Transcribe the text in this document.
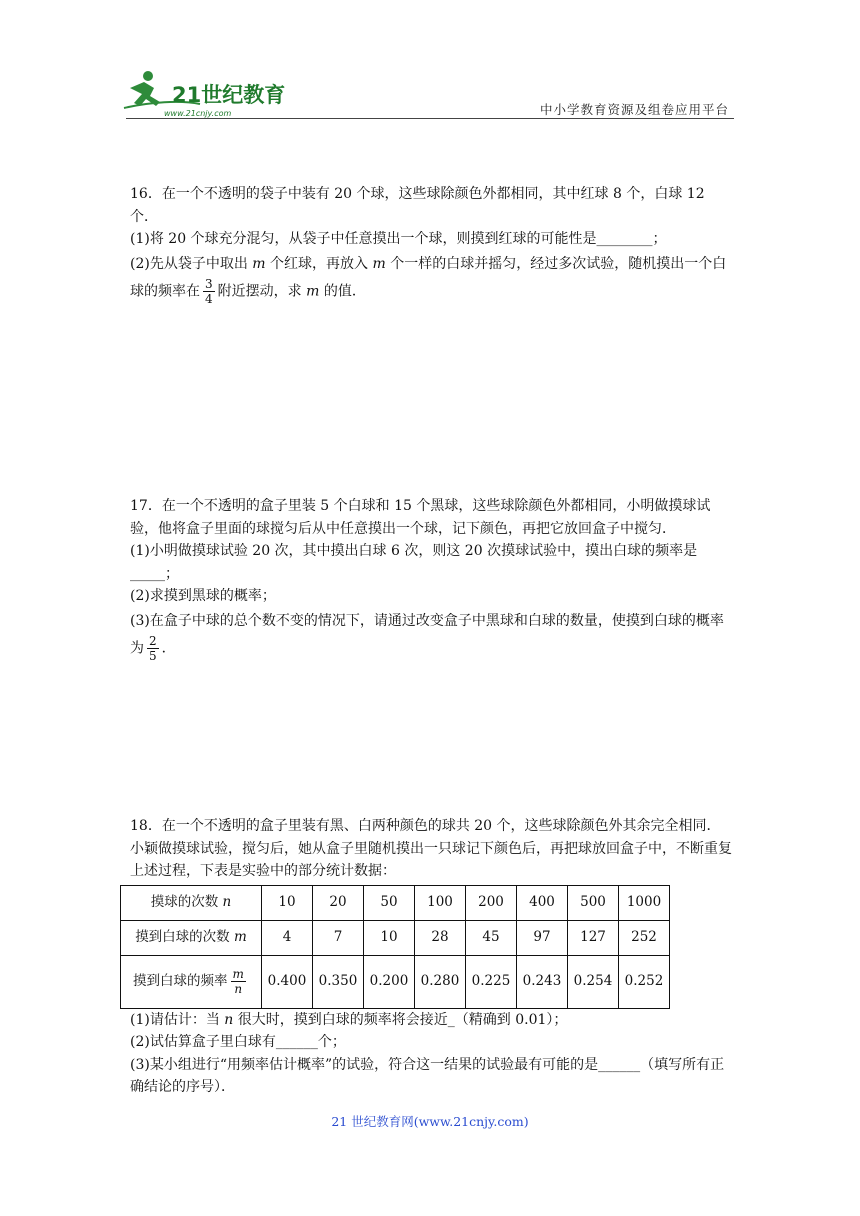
21世纪教育
www.21cnjy.com	中小学教育资源及组卷应用平台

16．在一个不透明的袋子中装有 20 个球，这些球除颜色外都相同，其中红球 8 个，白球 12 个．

(1)将 20 个球充分混匀，从袋子中任意摸出一个球，则摸到红球的可能性是________；

(2)先从袋子中取出 m 个红球，再放入 m 个一样的白球并摇匀，经过多次试验，随机摸出一个白球的频率在 $\frac{3}{4}$ 附近摆动，求 m 的值．

17．在一个不透明的盒子里装 5 个白球和 15 个黑球，这些球除颜色外都相同，小明做摸球试验，他将盒子里面的球搅匀后从中任意摸出一个球，记下颜色，再把它放回盒子中搅匀．

(1)小明做摸球试验 20 次，其中摸出白球 6 次，则这 20 次摸球试验中，摸出白球的频率是_____；

(2)求摸到黑球的概率；

(3)在盒子中球的总个数不变的情况下，请通过改变盒子中黑球和白球的数量，使摸到白球的概率为 $\frac{2}{5}$ ．

18．在一个不透明的盒子里装有黑、白两种颜色的球共 20 个，这些球除颜色外其余完全相同．小颖做摸球试验，搅匀后，她从盒子里随机摸出一只球记下颜色后，再把球放回盒子中，不断重复上述过程，下表是实验中的部分统计数据：

摸球的次数 n	10	20	50	100	200	400	500	1000
摸到白球的次数 m	4	7	10	28	45	97	127	252
摸到白球的频率 $\frac{m}{n}$	0.400	0.350	0.200	0.280	0.225	0.243	0.254	0.252

(1)请估计：当 n 很大时，摸到白球的频率将会接近_（精确到 0.01）；

(2)试估算盒子里白球有______个；

(3)某小组进行“用频率估计概率”的试验，符合这一结果的试验最有可能的是______（填写所有正确结论的序号）．

21 世纪教育网(www.21cnjy.com)
